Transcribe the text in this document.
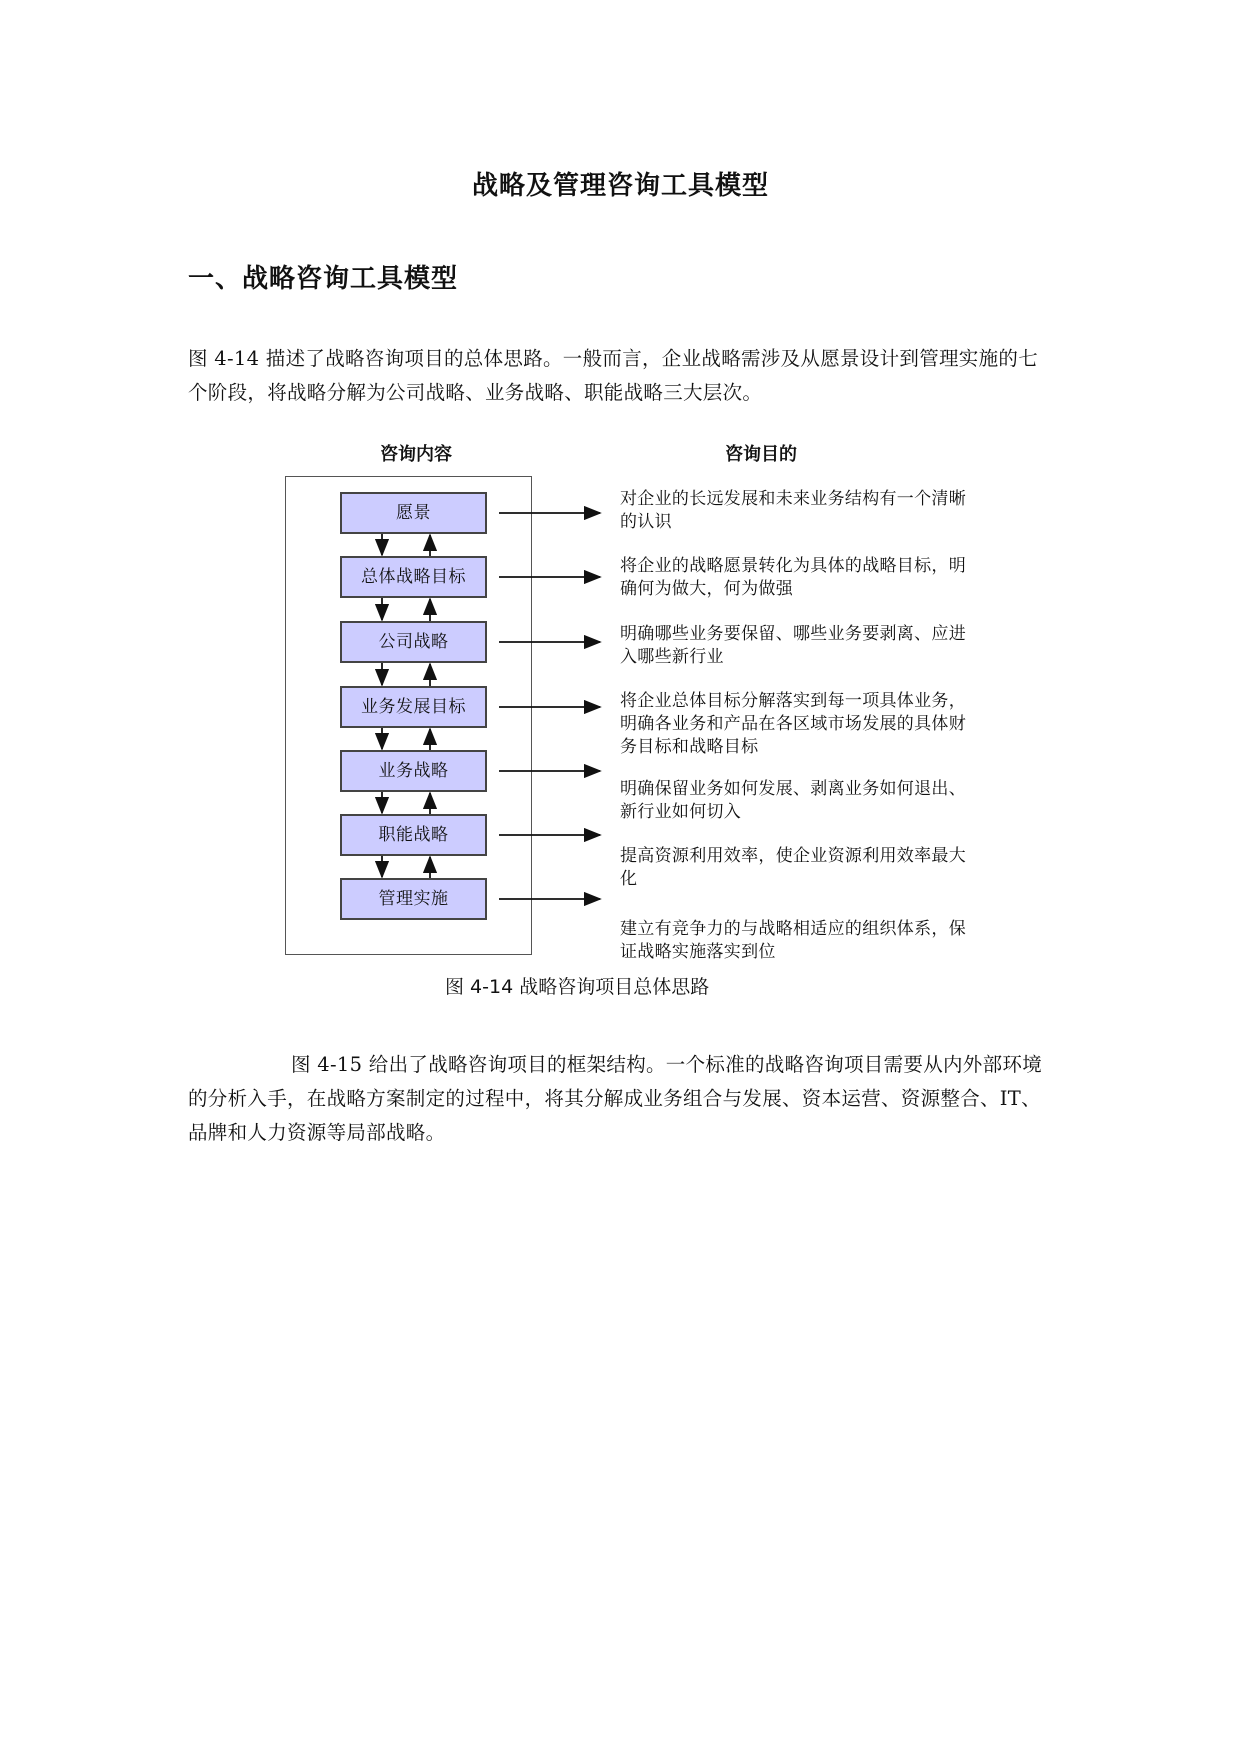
战略及管理咨询工具模型
一、战略咨询工具模型

图 4-14 描述了战略咨询项目的总体思路。一般而言，企业战略需涉及从愿景设计到管理实施的七个阶段，将战略分解为公司战略、业务战略、职能战略三大层次。

咨询内容	咨询目的
愿景
总体战略目标
公司战略
业务发展目标
业务战略
职能战略
管理实施
对企业的长远发展和未来业务结构有一个清晰的认识
将企业的战略愿景转化为具体的战略目标，明确何为做大，何为做强
明确哪些业务要保留、哪些业务要剥离、应进入哪些新行业
将企业总体目标分解落实到每一项具体业务，明确各业务和产品在各区域市场发展的具体财务目标和战略目标
明确保留业务如何发展、剥离业务如何退出、新行业如何切入
提高资源利用效率，使企业资源利用效率最大化
建立有竞争力的与战略相适应的组织体系，保证战略实施落实到位
图 4-14 战略咨询项目总体思路

图 4-15 给出了战略咨询项目的框架结构。一个标准的战略咨询项目需要从内外部环境的分析入手，在战略方案制定的过程中，将其分解成业务组合与发展、资本运营、资源整合、IT、品牌和人力资源等局部战略。
